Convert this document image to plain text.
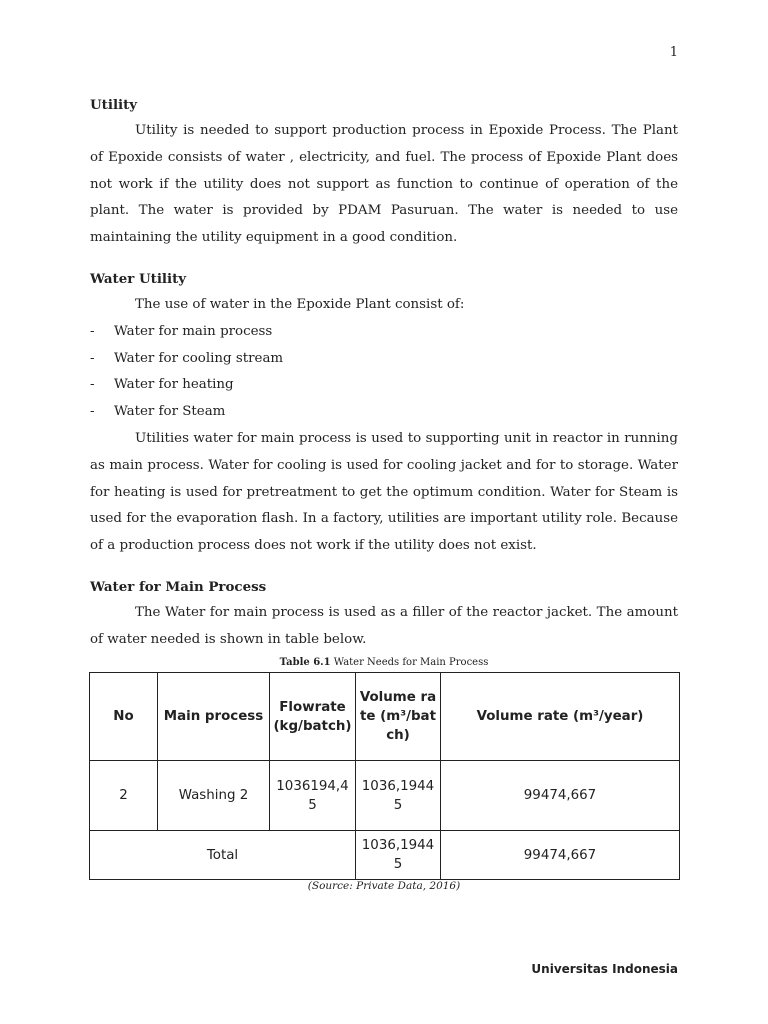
1
Utility

Utility is needed to support production process in Epoxide Process. The Plant of Epoxide consists of water , electricity, and fuel. The process of Epoxide Plant does not work if the utility does not support as function to continue of operation of the plant. The water is provided by PDAM Pasuruan. The water is needed to use maintaining the utility equipment in a good condition.

Water Utility

The use of water in the Epoxide Plant consist of:

-	Water for main process
-	Water for cooling stream
-	Water for heating
-	Water for Steam

Utilities water for main process is used to supporting unit in reactor in running as main process. Water for cooling is used for cooling jacket and for to storage. Water for heating is used for pretreatment to get the optimum condition. Water for Steam is used for the evaporation flash. In a factory, utilities are important utility role. Because of a production process does not work if the utility does not exist.

Water for Main Process

The Water for main process is used as a filler of the reactor jacket. The amount of water needed is shown in table below.

Table 6.1 Water Needs for Main Process
No	Main process	Flowrate (kg/batch)	Volume rate (m³/batch)	Volume rate (m³/year)
2	Washing 2	1036194,45	1036,19445	99474,667
Total			1036,19445	99474,667
(Source: Private Data, 2016)
Universitas Indonesia
